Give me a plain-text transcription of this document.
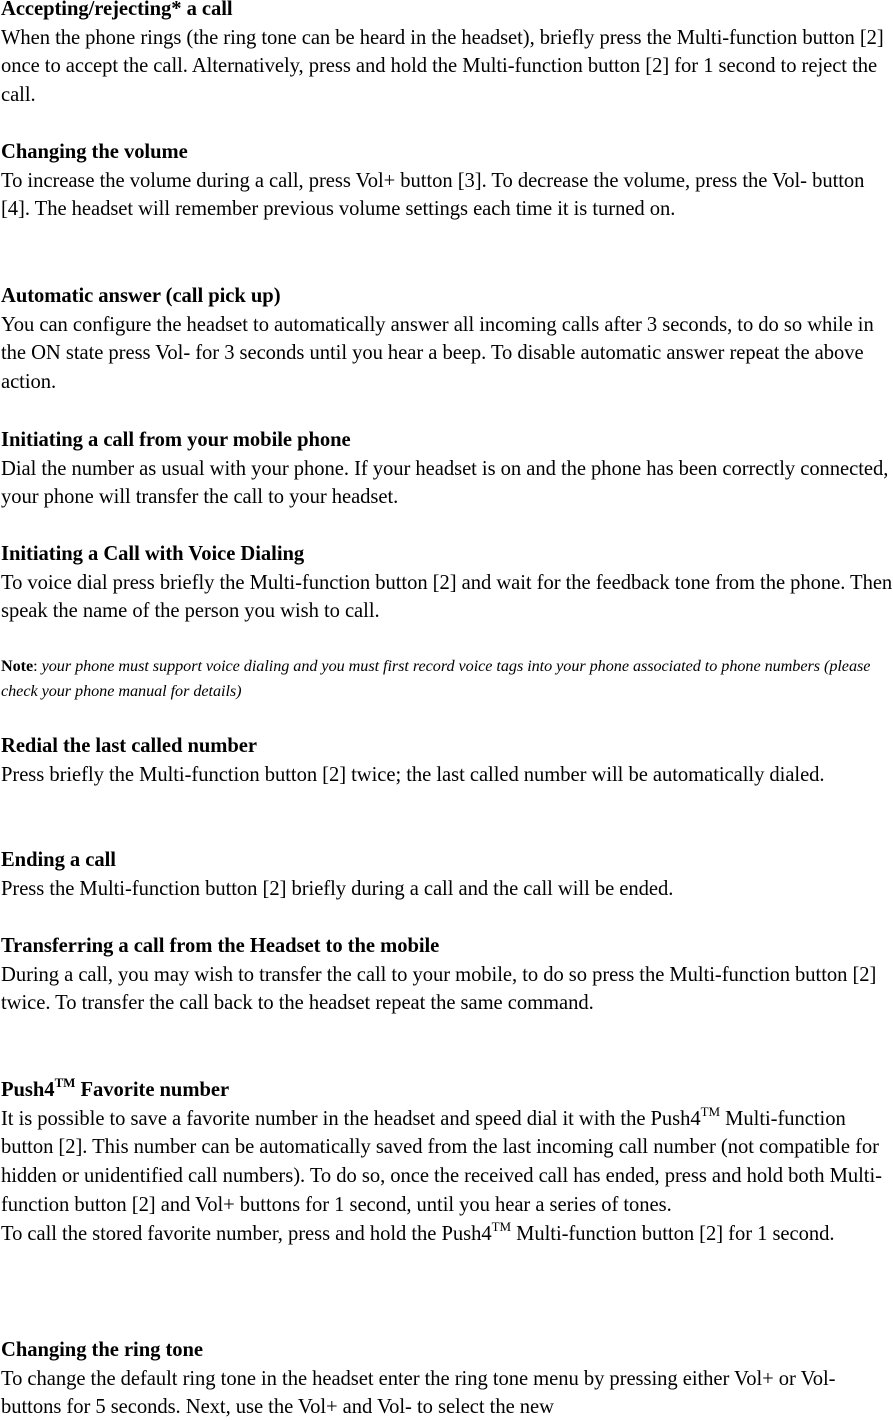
Accepting/rejecting* a call
When the phone rings (the ring tone can be heard in the headset), briefly press the Multi-function button [2] once to accept the call. Alternatively, press and hold the Multi-function button [2] for 1 second to reject the call.
Changing the volume
To increase the volume during a call, press Vol+ button [3]. To decrease the volume, press the Vol- button [4]. The headset will remember previous volume settings each time it is turned on.
Automatic answer (call pick up)
You can configure the headset to automatically answer all incoming calls after 3 seconds, to do so while in the ON state press Vol- for 3 seconds until you hear a beep. To disable automatic answer repeat the above action.
Initiating a call from your mobile phone
Dial the number as usual with your phone. If your headset is on and the phone has been correctly connected, your phone will transfer the call to your headset.
Initiating a Call with Voice Dialing
To voice dial press briefly the Multi-function button [2] and wait for the feedback tone from the phone. Then speak the name of the person you wish to call.
Note: your phone must support voice dialing and you must first record voice tags into your phone associated to phone numbers (please check your phone manual for details)
Redial the last called number
Press briefly the Multi-function button [2] twice; the last called number will be automatically dialed.
Ending a call
Press the Multi-function button [2] briefly during a call and the call will be ended.
Transferring a call from the Headset to the mobile
During a call, you may wish to transfer the call to your mobile, to do so press the Multi-function button [2] twice. To transfer the call back to the headset repeat the same command.
Push4™ Favorite number
It is possible to save a favorite number in the headset and speed dial it with the Push4™ Multi-function button [2]. This number can be automatically saved from the last incoming call number (not compatible for hidden or unidentified call numbers). To do so, once the received call has ended, press and hold both Multi-function button [2] and Vol+ buttons for 1 second, until you hear a series of tones.
To call the stored favorite number, press and hold the Push4™ Multi-function button [2] for 1 second.
Changing the ring tone
To change the default ring tone in the headset enter the ring tone menu by pressing either Vol+ or Vol- buttons for 5 seconds. Next, use the Vol+ and Vol- to select the new
